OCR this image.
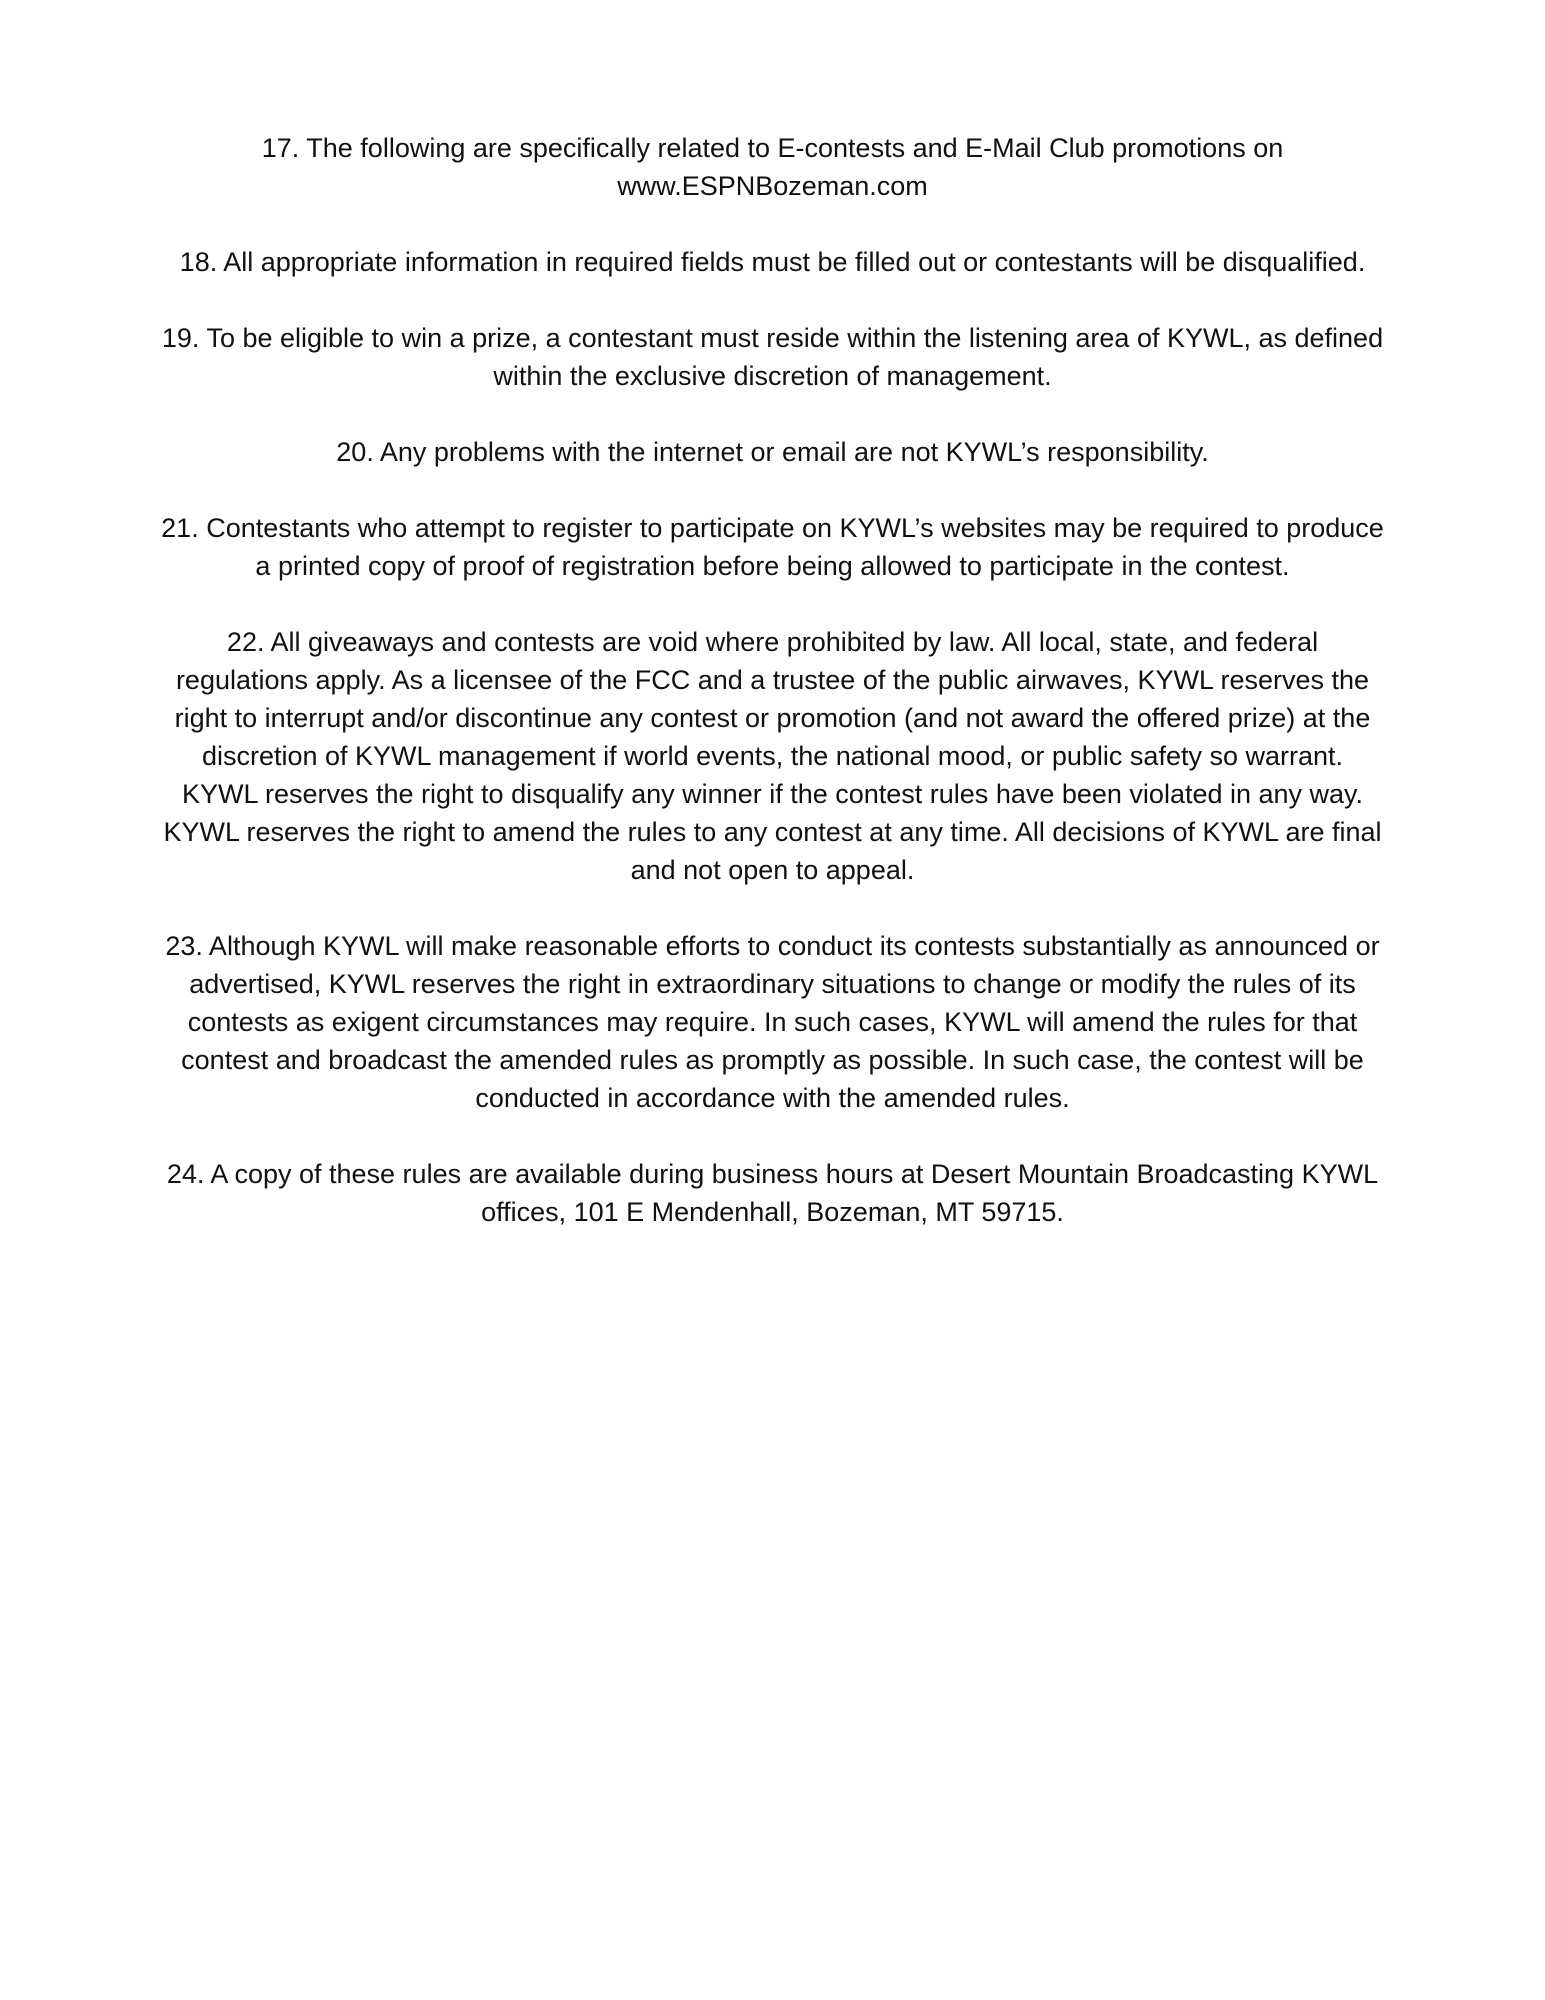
17. The following are specifically related to E-contests and E-Mail Club promotions on www.ESPNBozeman.com

18. All appropriate information in required fields must be filled out or contestants will be disqualified.

19. To be eligible to win a prize, a contestant must reside within the listening area of KYWL, as defined within the exclusive discretion of management.

20. Any problems with the internet or email are not KYWL’s responsibility.

21. Contestants who attempt to register to participate on KYWL’s websites may be required to produce a printed copy of proof of registration before being allowed to participate in the contest.

22. All giveaways and contests are void where prohibited by law. All local, state, and federal regulations apply. As a licensee of the FCC and a trustee of the public airwaves, KYWL reserves the right to interrupt and/or discontinue any contest or promotion (and not award the offered prize) at the discretion of KYWL management if world events, the national mood, or public safety so warrant. KYWL reserves the right to disqualify any winner if the contest rules have been violated in any way. KYWL reserves the right to amend the rules to any contest at any time. All decisions of KYWL are final and not open to appeal.

23. Although KYWL will make reasonable efforts to conduct its contests substantially as announced or advertised, KYWL reserves the right in extraordinary situations to change or modify the rules of its contests as exigent circumstances may require. In such cases, KYWL will amend the rules for that contest and broadcast the amended rules as promptly as possible. In such case, the contest will be conducted in accordance with the amended rules.

24. A copy of these rules are available during business hours at Desert Mountain Broadcasting KYWL offices, 101 E Mendenhall, Bozeman, MT 59715.
